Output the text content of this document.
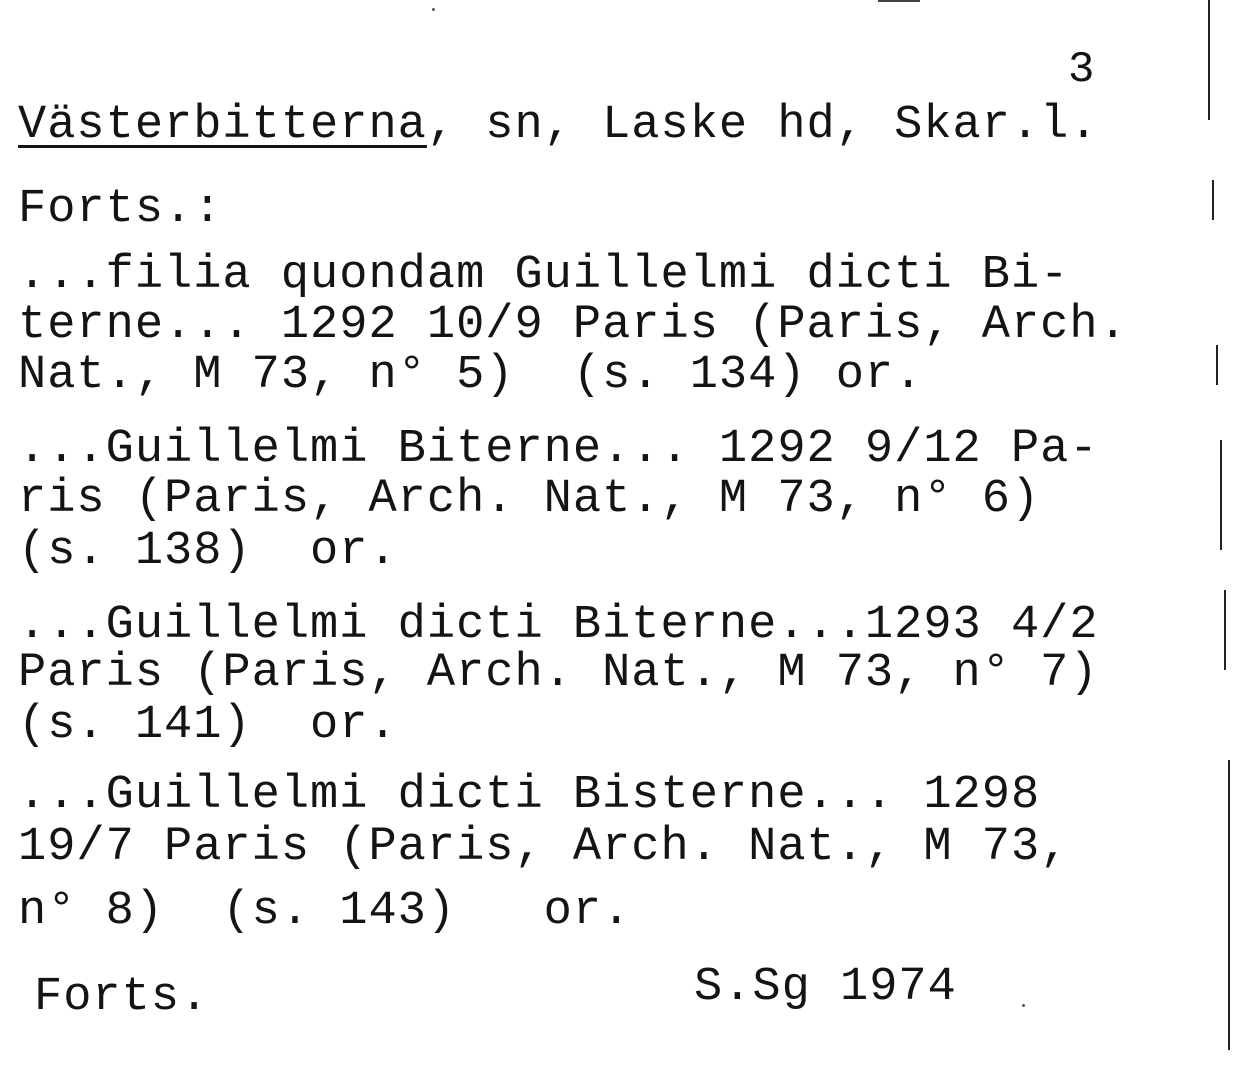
3
Västerbitterna, sn, Laske hd, Skar.l.
Forts.:
...filia quondam Guillelmi dicti Bi-
terne... 1292 10/9 Paris (Paris, Arch.
Nat., M 73, n° 5)  (s. 134) or.
...Guillelmi Biterne... 1292 9/12 Pa-
ris (Paris, Arch. Nat., M 73, n° 6)
(s. 138)  or.
...Guillelmi dicti Biterne...1293 4/2
Paris (Paris, Arch. Nat., M 73, n° 7)
(s. 141)  or.
...Guillelmi dicti Bisterne... 1298
19/7 Paris (Paris, Arch. Nat., M 73,
n° 8)  (s. 143)   or.
Forts.	S.Sg 1974
